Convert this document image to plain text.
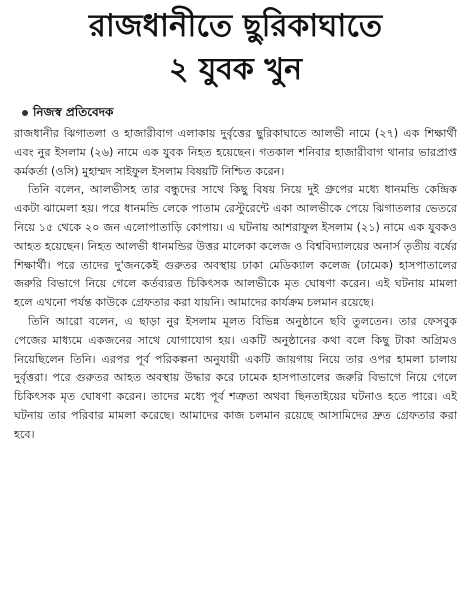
রাজধানীতে ছুরিকাঘাতে
২ যুবক খুন
নিজস্ব প্রতিবেদক

রাজধানীর ঝিগাতলা ও হাজারীবাগ এলাকায় দুর্বৃত্তের ছুরিকাঘাতে আলভী নামে (২৭) এক শিক্ষার্থী এবং নুর ইসলাম (২৬) নামে এক যুবক নিহত হয়েছেন। গতকাল শনিবার হাজারীবাগ থানার ভারপ্রাপ্ত কর্মকর্তা (ওসি) মুহাম্মদ সাইফুল ইসলাম বিষয়টি নিশ্চিত করেন।

তিনি বলেন, আলভীসহ তার বন্ধুদের সাথে কিছু বিষয় নিয়ে দুই গ্রুপের মধ্যে ধানমন্ডি কেন্দ্রিক একটা ঝামেলা হয়। পরে ধানমন্ডি লেকে পাতাম রেস্টুরেন্টে একা আলভীকে পেয়ে ঝিগাতলার ভেতরে নিয়ে ১৫ থেকে ২০ জন এলোপাতাড়ি কোপায়। এ ঘটনায় আশরাফুল ইসলাম (২১) নামে এক যুবকও আহত হয়েছেন। নিহত আলভী ধানমন্ডির উত্তর মালেকা কলেজ ও বিশ্ববিদ্যালয়ের অনার্স তৃতীয় বর্ষের শিক্ষার্থী। পরে তাদের দু'জনকেই গুরুতর অবস্থায় ঢাকা মেডিক্যাল কলেজ (ঢামেক) হাসপাতালের জরুরি বিভাগে নিয়ে গেলে কর্তব্যরত চিকিৎসক আলভীকে মৃত ঘোষণা করেন। এই ঘটনায় মামলা হলে এখনো পর্যন্ত কাউকে গ্রেফতার করা যায়নি। আমাদের কার্যক্রম চলমান রয়েছে।

তিনি আরো বলেন, এ ছাড়া নুর ইসলাম মূলত বিভিন্ন অনুষ্ঠানে ছবি তুলতেন। তার ফেসবুক পেজের মাধ্যমে একজনের সাথে যোগাযোগ হয়। একটি অনুষ্ঠানের কথা বলে কিছু টাকা অগ্রিমও নিয়েছিলেন তিনি। এরপর পূর্ব পরিকল্পনা অনুযায়ী একটি জায়গায় নিয়ে তার ওপর হামলা চালায় দুর্বৃত্তরা। পরে গুরুতর আহত অবস্থায় উদ্ধার করে ঢামেক হাসপাতালের জরুরি বিভাগে নিয়ে গেলে চিকিৎসক মৃত ঘোষণা করেন। তাদের মধ্যে পূর্ব শত্রুতা অথবা ছিনতাইয়ের ঘটনাও হতে পারে। এই ঘটনায় তার পরিবার মামলা করেছে। আমাদের কাজ চলমান রয়েছে আসামিদের দ্রুত গ্রেফতার করা হবে।
